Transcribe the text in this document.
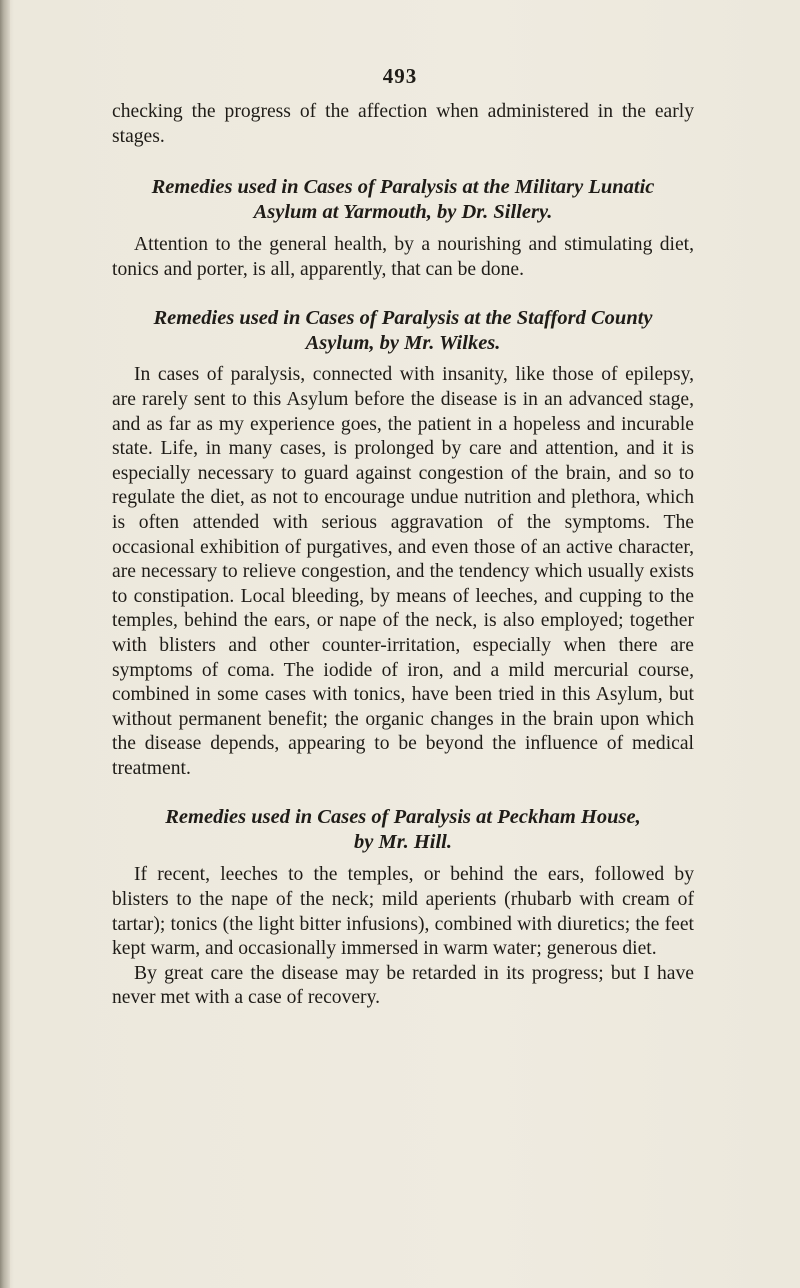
493

checking the progress of the affection when administered in the early stages.

Remedies used in Cases of Paralysis at the Military Lunatic
Asylum at Yarmouth, by Dr. Sillery.

Attention to the general health, by a nourishing and stimulating diet, tonics and porter, is all, apparently, that can be done.

Remedies used in Cases of Paralysis at the Stafford County
Asylum, by Mr. Wilkes.

In cases of paralysis, connected with insanity, like those of epilepsy, are rarely sent to this Asylum before the disease is in an advanced stage, and as far as my experience goes, the patient in a hopeless and incurable state. Life, in many cases, is prolonged by care and attention, and it is especially necessary to guard against congestion of the brain, and so to regulate the diet, as not to encourage undue nutrition and plethora, which is often attended with serious aggravation of the symptoms. The occasional exhibition of purgatives, and even those of an active character, are necessary to relieve congestion, and the tendency which usually exists to constipation. Local bleeding, by means of leeches, and cupping to the temples, behind the ears, or nape of the neck, is also employed; together with blisters and other counter-irritation, especially when there are symptoms of coma. The iodide of iron, and a mild mercurial course, combined in some cases with tonics, have been tried in this Asylum, but without permanent benefit; the organic changes in the brain upon which the disease depends, appearing to be beyond the influence of medical treatment.

Remedies used in Cases of Paralysis at Peckham House,
by Mr. Hill.

If recent, leeches to the temples, or behind the ears, followed by blisters to the nape of the neck; mild aperients (rhubarb with cream of tartar); tonics (the light bitter infusions), combined with diuretics; the feet kept warm, and occasionally immersed in warm water; generous diet.

By great care the disease may be retarded in its progress; but I have never met with a case of recovery.
